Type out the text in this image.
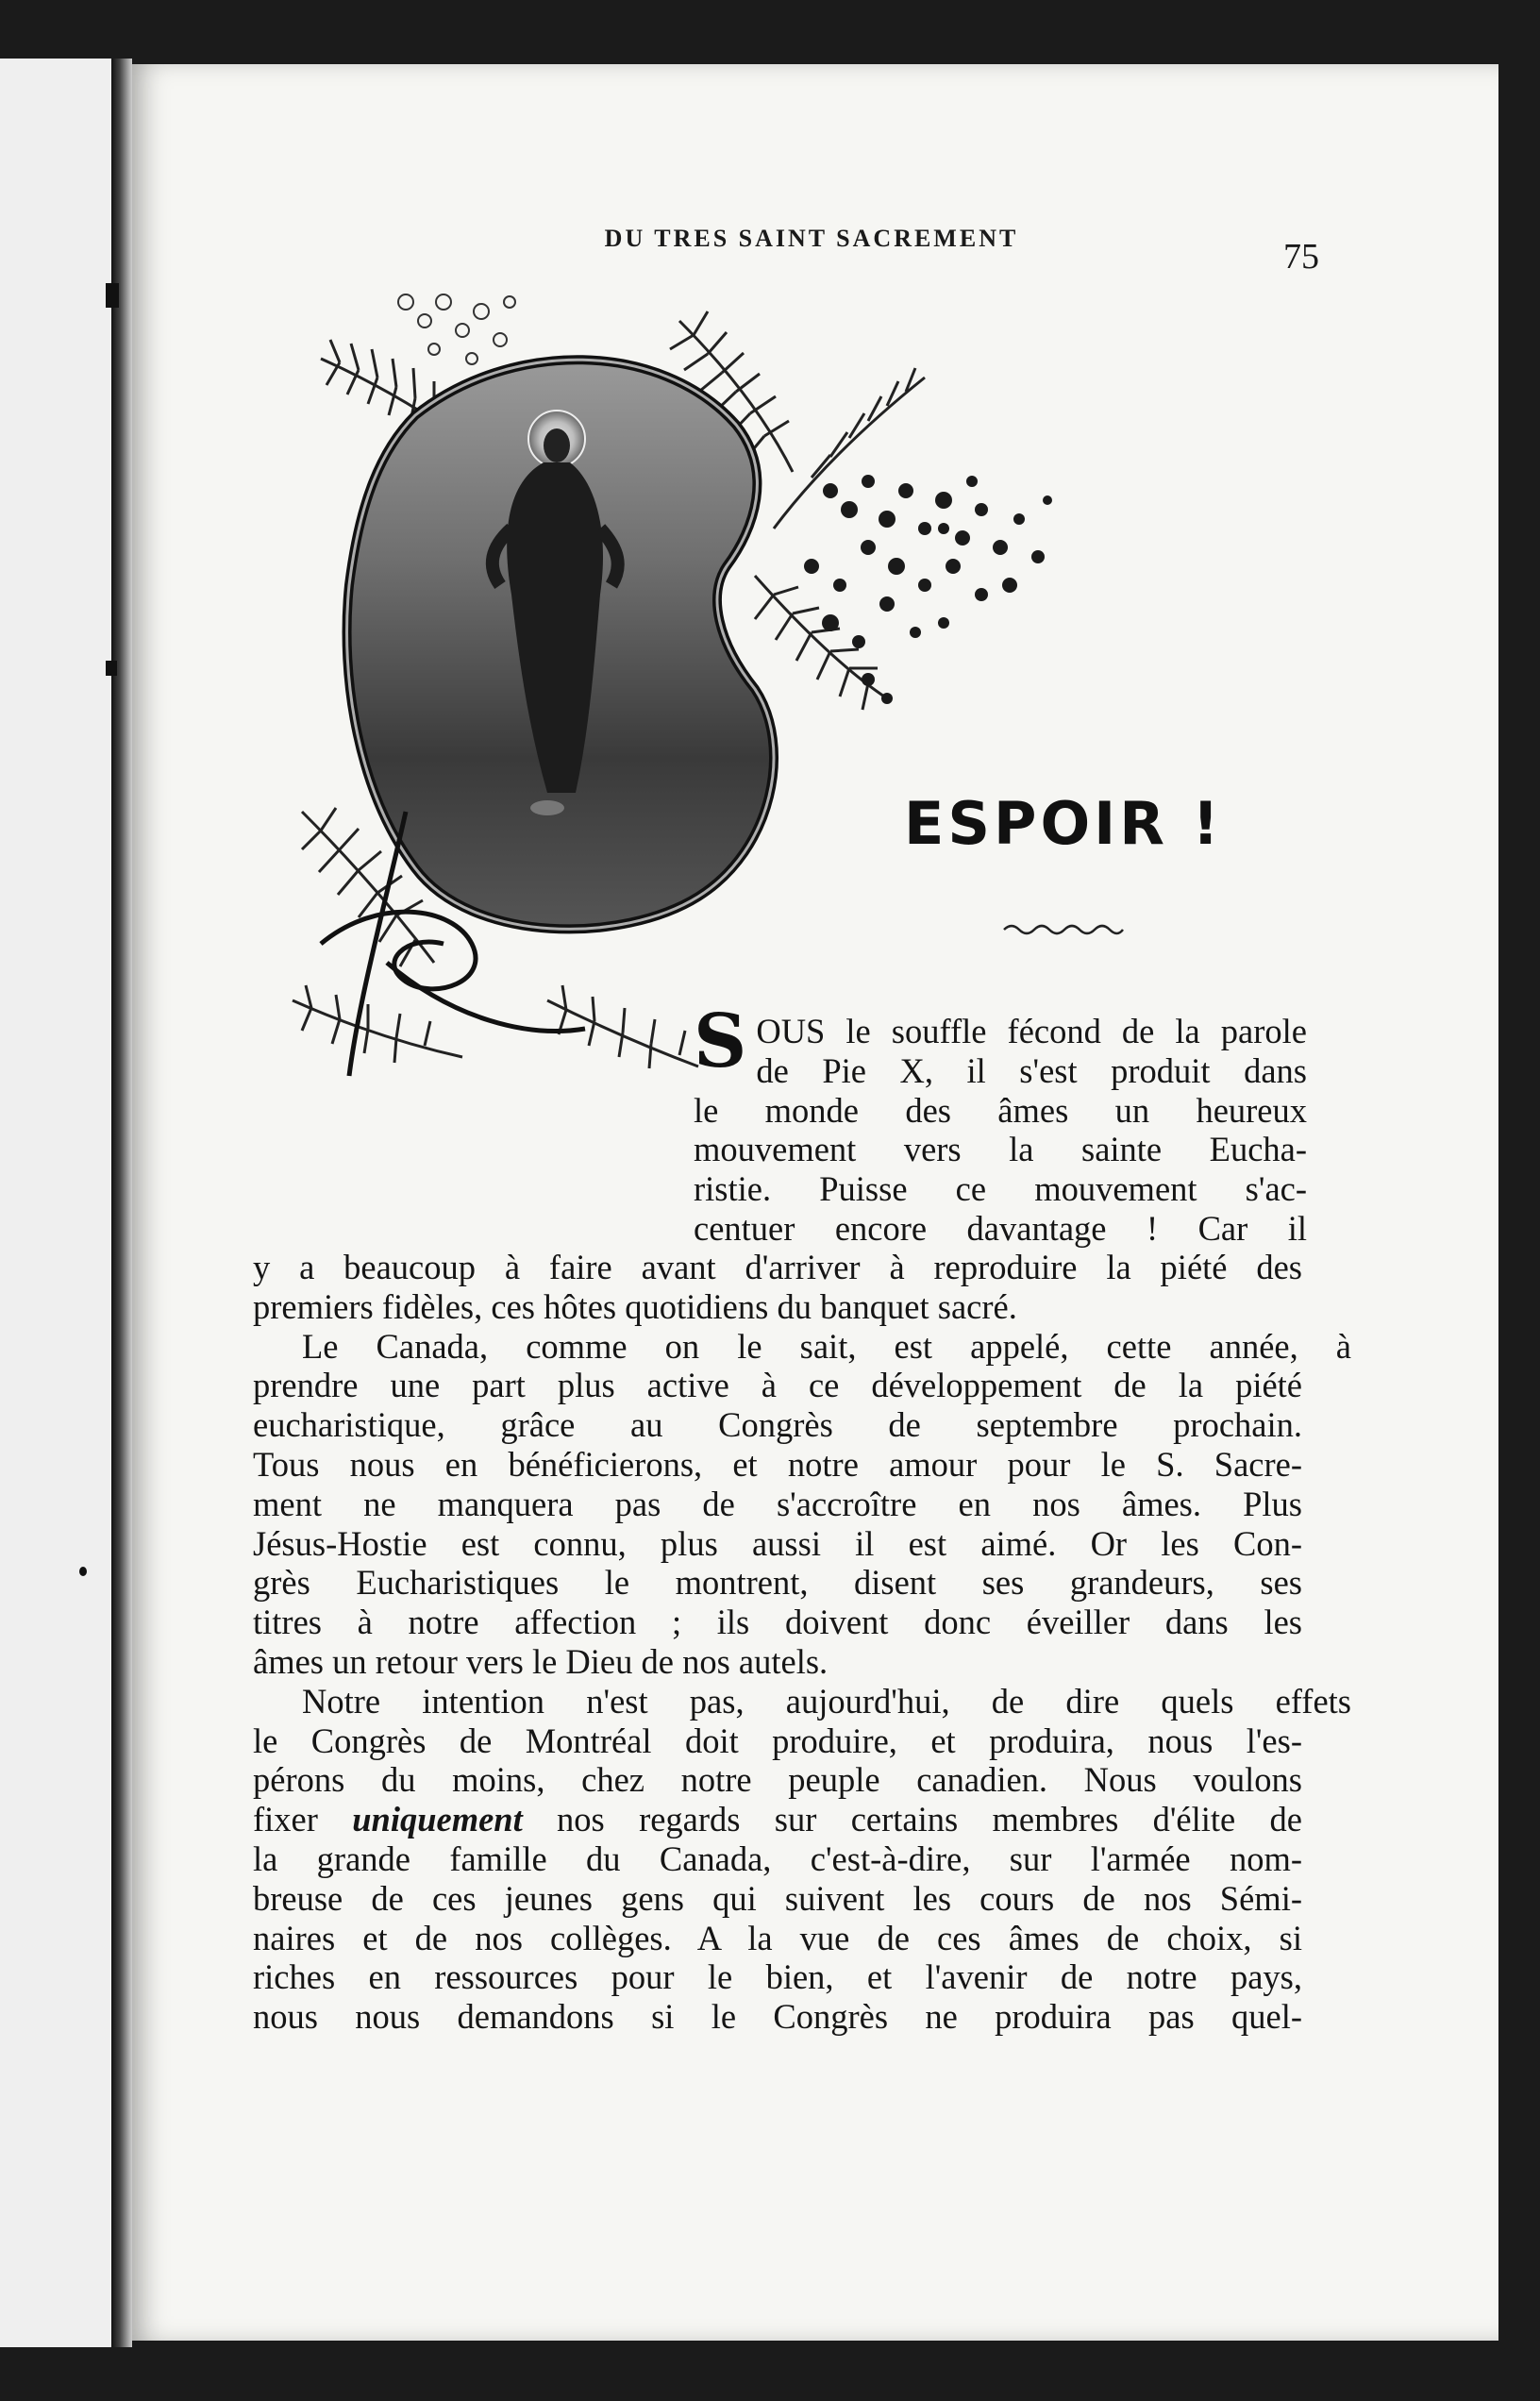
DU TRES SAINT SACREMENT	75
ESPOIR !
S OUS le souffle fécond de la parole
de Pie X, il s'est produit dans
le monde des âmes un heureux
mouvement vers la sainte Eucha-
ristie. Puisse ce mouvement s'ac-
centuer encore davantage ! Car il
y a beaucoup à faire avant d'arriver à reproduire la piété des
premiers fidèles, ces hôtes quotidiens du banquet sacré.
Le Canada, comme on le sait, est appelé, cette année, à
prendre une part plus active à ce développement de la piété
eucharistique, grâce au Congrès de septembre prochain.
Tous nous en bénéficierons, et notre amour pour le S. Sacre-
ment ne manquera pas de s'accroître en nos âmes. Plus
Jésus-Hostie est connu, plus aussi il est aimé. Or les Con-
grès Eucharistiques le montrent, disent ses grandeurs, ses
titres à notre affection ; ils doivent donc éveiller dans les
âmes un retour vers le Dieu de nos autels.
Notre intention n'est pas, aujourd'hui, de dire quels effets
le Congrès de Montréal doit produire, et produira, nous l'es-
pérons du moins, chez notre peuple canadien. Nous voulons
fixer uniquement nos regards sur certains membres d'élite de
la grande famille du Canada, c'est-à-dire, sur l'armée nom-
breuse de ces jeunes gens qui suivent les cours de nos Sémi-
naires et de nos collèges. A la vue de ces âmes de choix, si
riches en ressources pour le bien, et l'avenir de notre pays,
nous nous demandons si le Congrès ne produira pas quel-
